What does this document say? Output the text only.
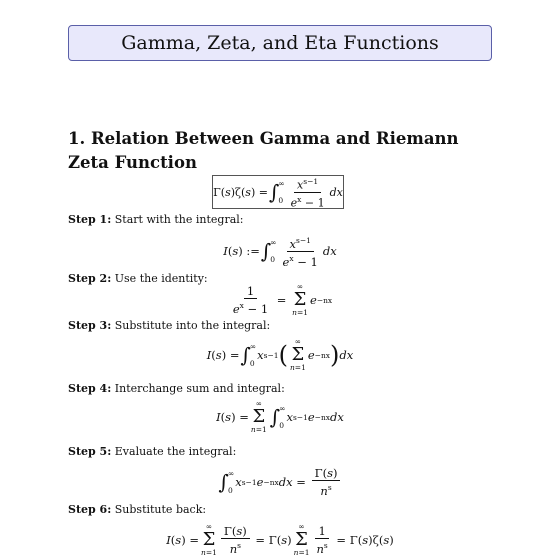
Gamma, Zeta, and Eta Functions
1. Relation Between Gamma and Riemann Zeta Function
Γ( s )ζ( s ) = ∫ ∞
$0 \frac{x^{s-1}}{e^x - 1}$ dx
Step 1: Start with the integral:
I ( s ) := ∫ ∞
$0 \frac{x^{s-1}}{e^x - 1}$ dx
Step 2: Use the identity:
$\frac{1}{e^x - 1}$ =
∞
Σ
n=1
e −nx
Step 3: Substitute into the integral:
I ( s ) = ∫ ∞
0
x s−1 ( ∞
Σ
n=1
e −nx ) dx
Step 4: Interchange sum and integral:
I ( s ) =
∞
Σ
n=1
∫ ∞
0
x s−1 e −nx dx
Step 5: Evaluate the integral:
∫ ∞
0
x s−1 e −nx dx = $\frac{\Gamma(s)}{n^s}$
Step 6: Substitute back:
I ( s ) =
∞
Σ
$n=1 \frac{\Gamma(s)}{n^s} = \Gamma$( s )
∞
Σ
$n=1 \frac{1}{n^s} = \Gamma$( s )ζ( s )
